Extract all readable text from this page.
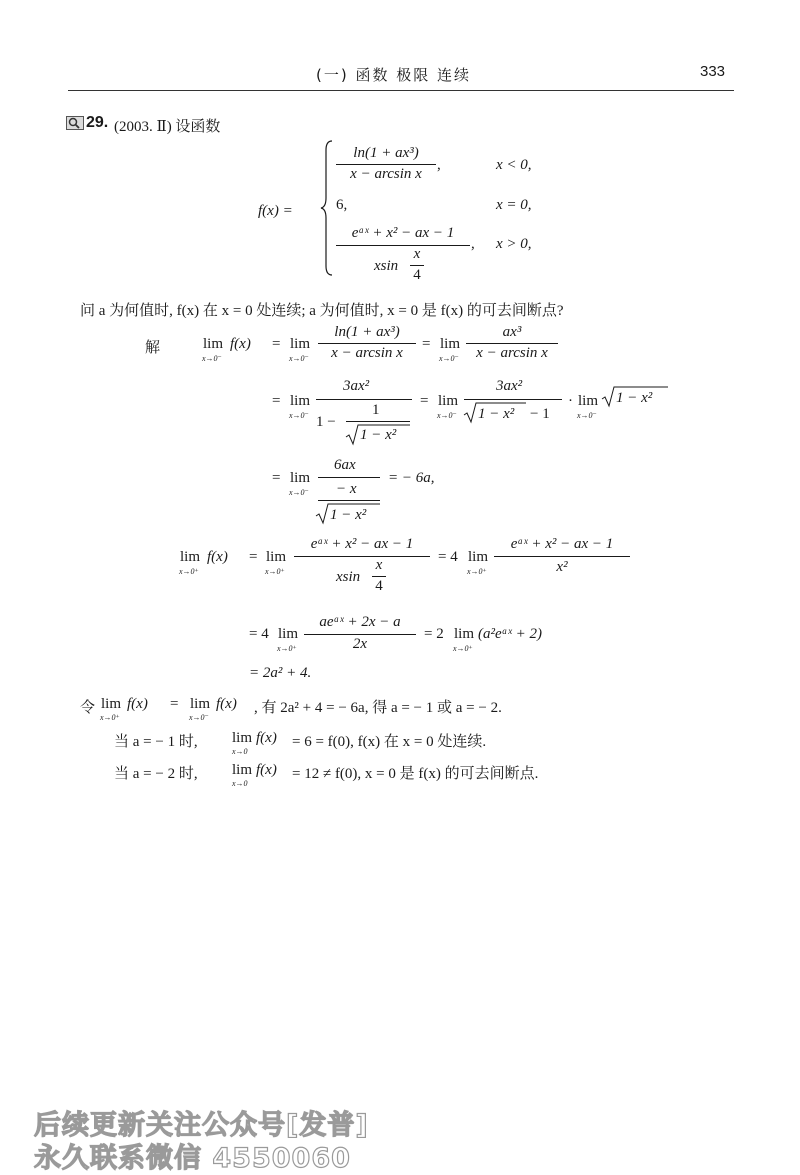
(一) 函数 极限 连续	333
29. (2003. Ⅱ) 设函数
f(x) =
ln(1 + ax³)
x − arcsin x
,	x < 0,
6,	x = 0,
eᵃˣ + x² − ax − 1
xsin
x
4
, x > 0,
问 a 为何值时, f(x) 在 x = 0 处连续; a 为何值时, x = 0 是 f(x) 的可去间断点?
解	lim
x→0⁻
f(x) = lim
x→0⁻
ln(1 + ax³)
x − arcsin x
= lim
x→0⁻
ax³
x − arcsin x
= lim
x→0⁻
3ax²
1 −
1
1 − x²
= lim
x→0⁻
3ax²
1 − x² − 1
· lim
x→0⁻
1 − x²
= lim
x→0⁻
6ax
− x
1 − x²
= − 6a,
lim
x→0⁺
f(x) = lim
x→0⁺
eᵃˣ + x² − ax − 1
xsin
x
4
= 4 lim
x→0⁺
eᵃˣ + x² − ax − 1
x²
= 4 lim
x→0⁺
aeᵃˣ + 2x − a
2x
= 2 lim
x→0⁺
(a²eᵃˣ + 2)
= 2a² + 4.
令 lim
x→0⁺
f(x) = lim
x→0⁻
f(x) , 有 2a² + 4 = − 6a, 得 a = − 1 或 a = − 2.
当 a = − 1 时, lim
x→0
f(x) = 6 = f(0), f(x) 在 x = 0 处连续.
当 a = − 2 时, lim
x→0
f(x) = 12 ≠ f(0), x = 0 是 f(x) 的可去间断点.
后续更新关注公众号[发普]
永久联系微信 4550060
